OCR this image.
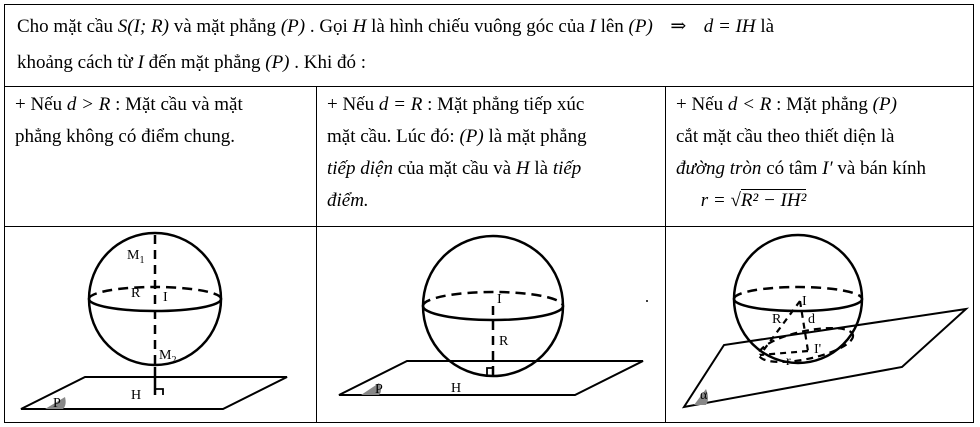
Cho mặt cầu S(I; R) và mặt phẳng (P) . Gọi H là hình chiếu vuông góc của I lên (P) ⇒ d = IH là
khoảng cách từ I đến mặt phẳng (P) . Khi đó :
+ Nếu d > R : Mặt cầu và mặt
phẳng không có điểm chung.
+ Nếu d = R : Mặt phẳng tiếp xúc
mặt cầu. Lúc đó: (P) là mặt phẳng
tiếp diện của mặt cầu và H là tiếp
điểm.
+ Nếu d < R : Mặt phẳng (P)
cắt mặt cầu theo thiết diện là
đường tròn có tâm I′ và bán kính
r = √R² − IH²
$M_1$
R I
$M_2$
H
P
I
R
H
P
I
R d
I'
r
α
